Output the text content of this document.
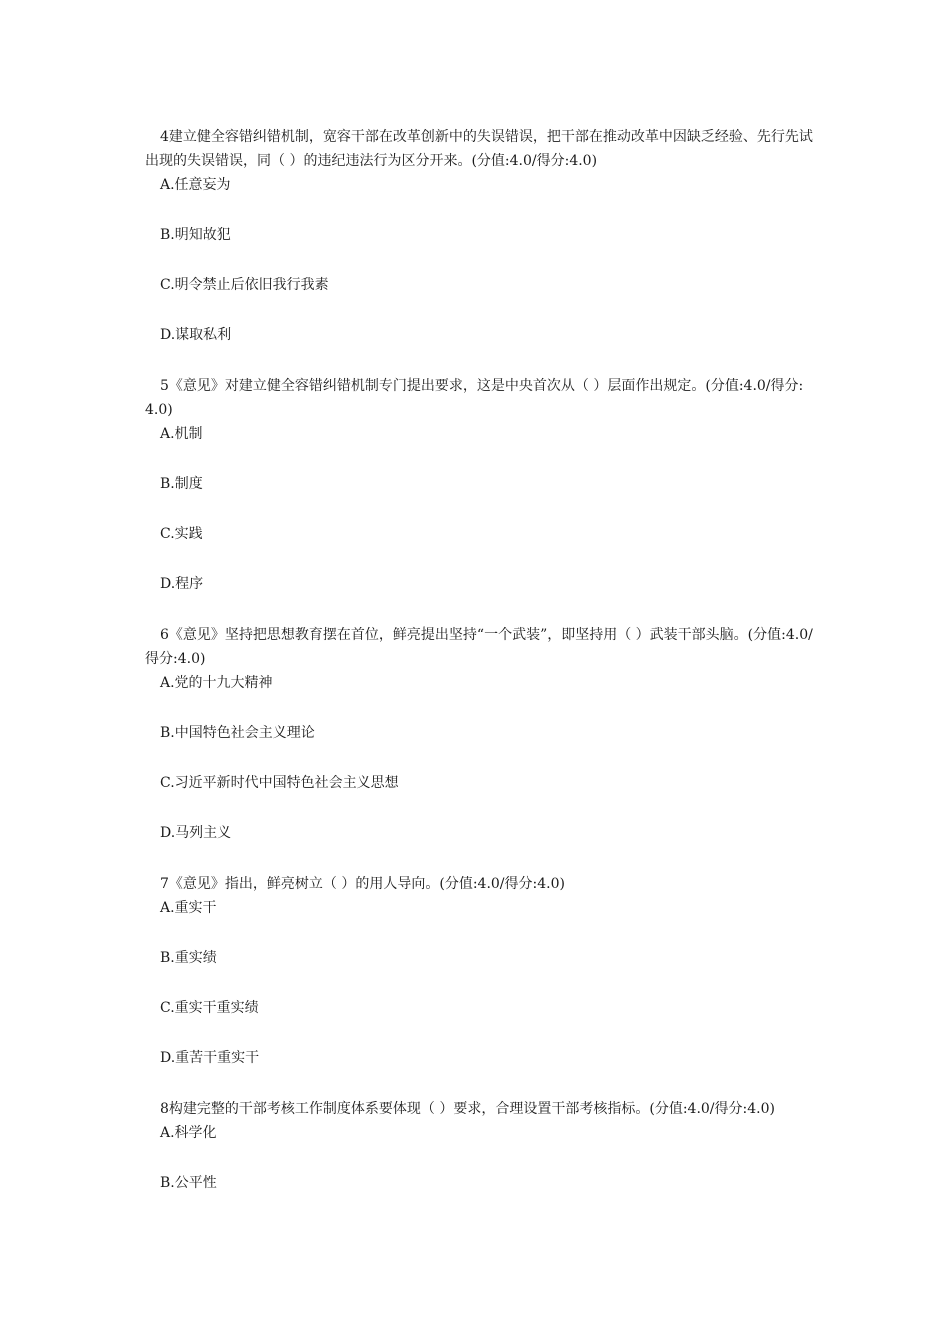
4建立健全容错纠错机制，宽容干部在改革创新中的失误错误，把干部在推动改革中因缺乏经验、先行先试出现的失误错误，同（ ）的违纪违法行为区分开来。(分值:4.0/得分:4.0)

A.任意妄为
B.明知故犯
C.明令禁止后依旧我行我素
D.谋取私利

5《意见》对建立健全容错纠错机制专门提出要求，这是中央首次从（ ）层面作出规定。(分值:4.0/得分:4.0)

A.机制
B.制度
C.实践
D.程序

6《意见》坚持把思想教育摆在首位，鲜亮提出坚持“一个武装”，即坚持用（ ）武装干部头脑。(分值:4.0/得分:4.0)

A.党的十九大精神
B.中国特色社会主义理论
C.习近平新时代中国特色社会主义思想
D.马列主义

7《意见》指出，鲜亮树立（ ）的用人导向。(分值:4.0/得分:4.0)

A.重实干
B.重实绩
C.重实干重实绩
D.重苦干重实干

8构建完整的干部考核工作制度体系要体现（ ）要求，合理设置干部考核指标。(分值:4.0/得分:4.0)

A.科学化
B.公平性
